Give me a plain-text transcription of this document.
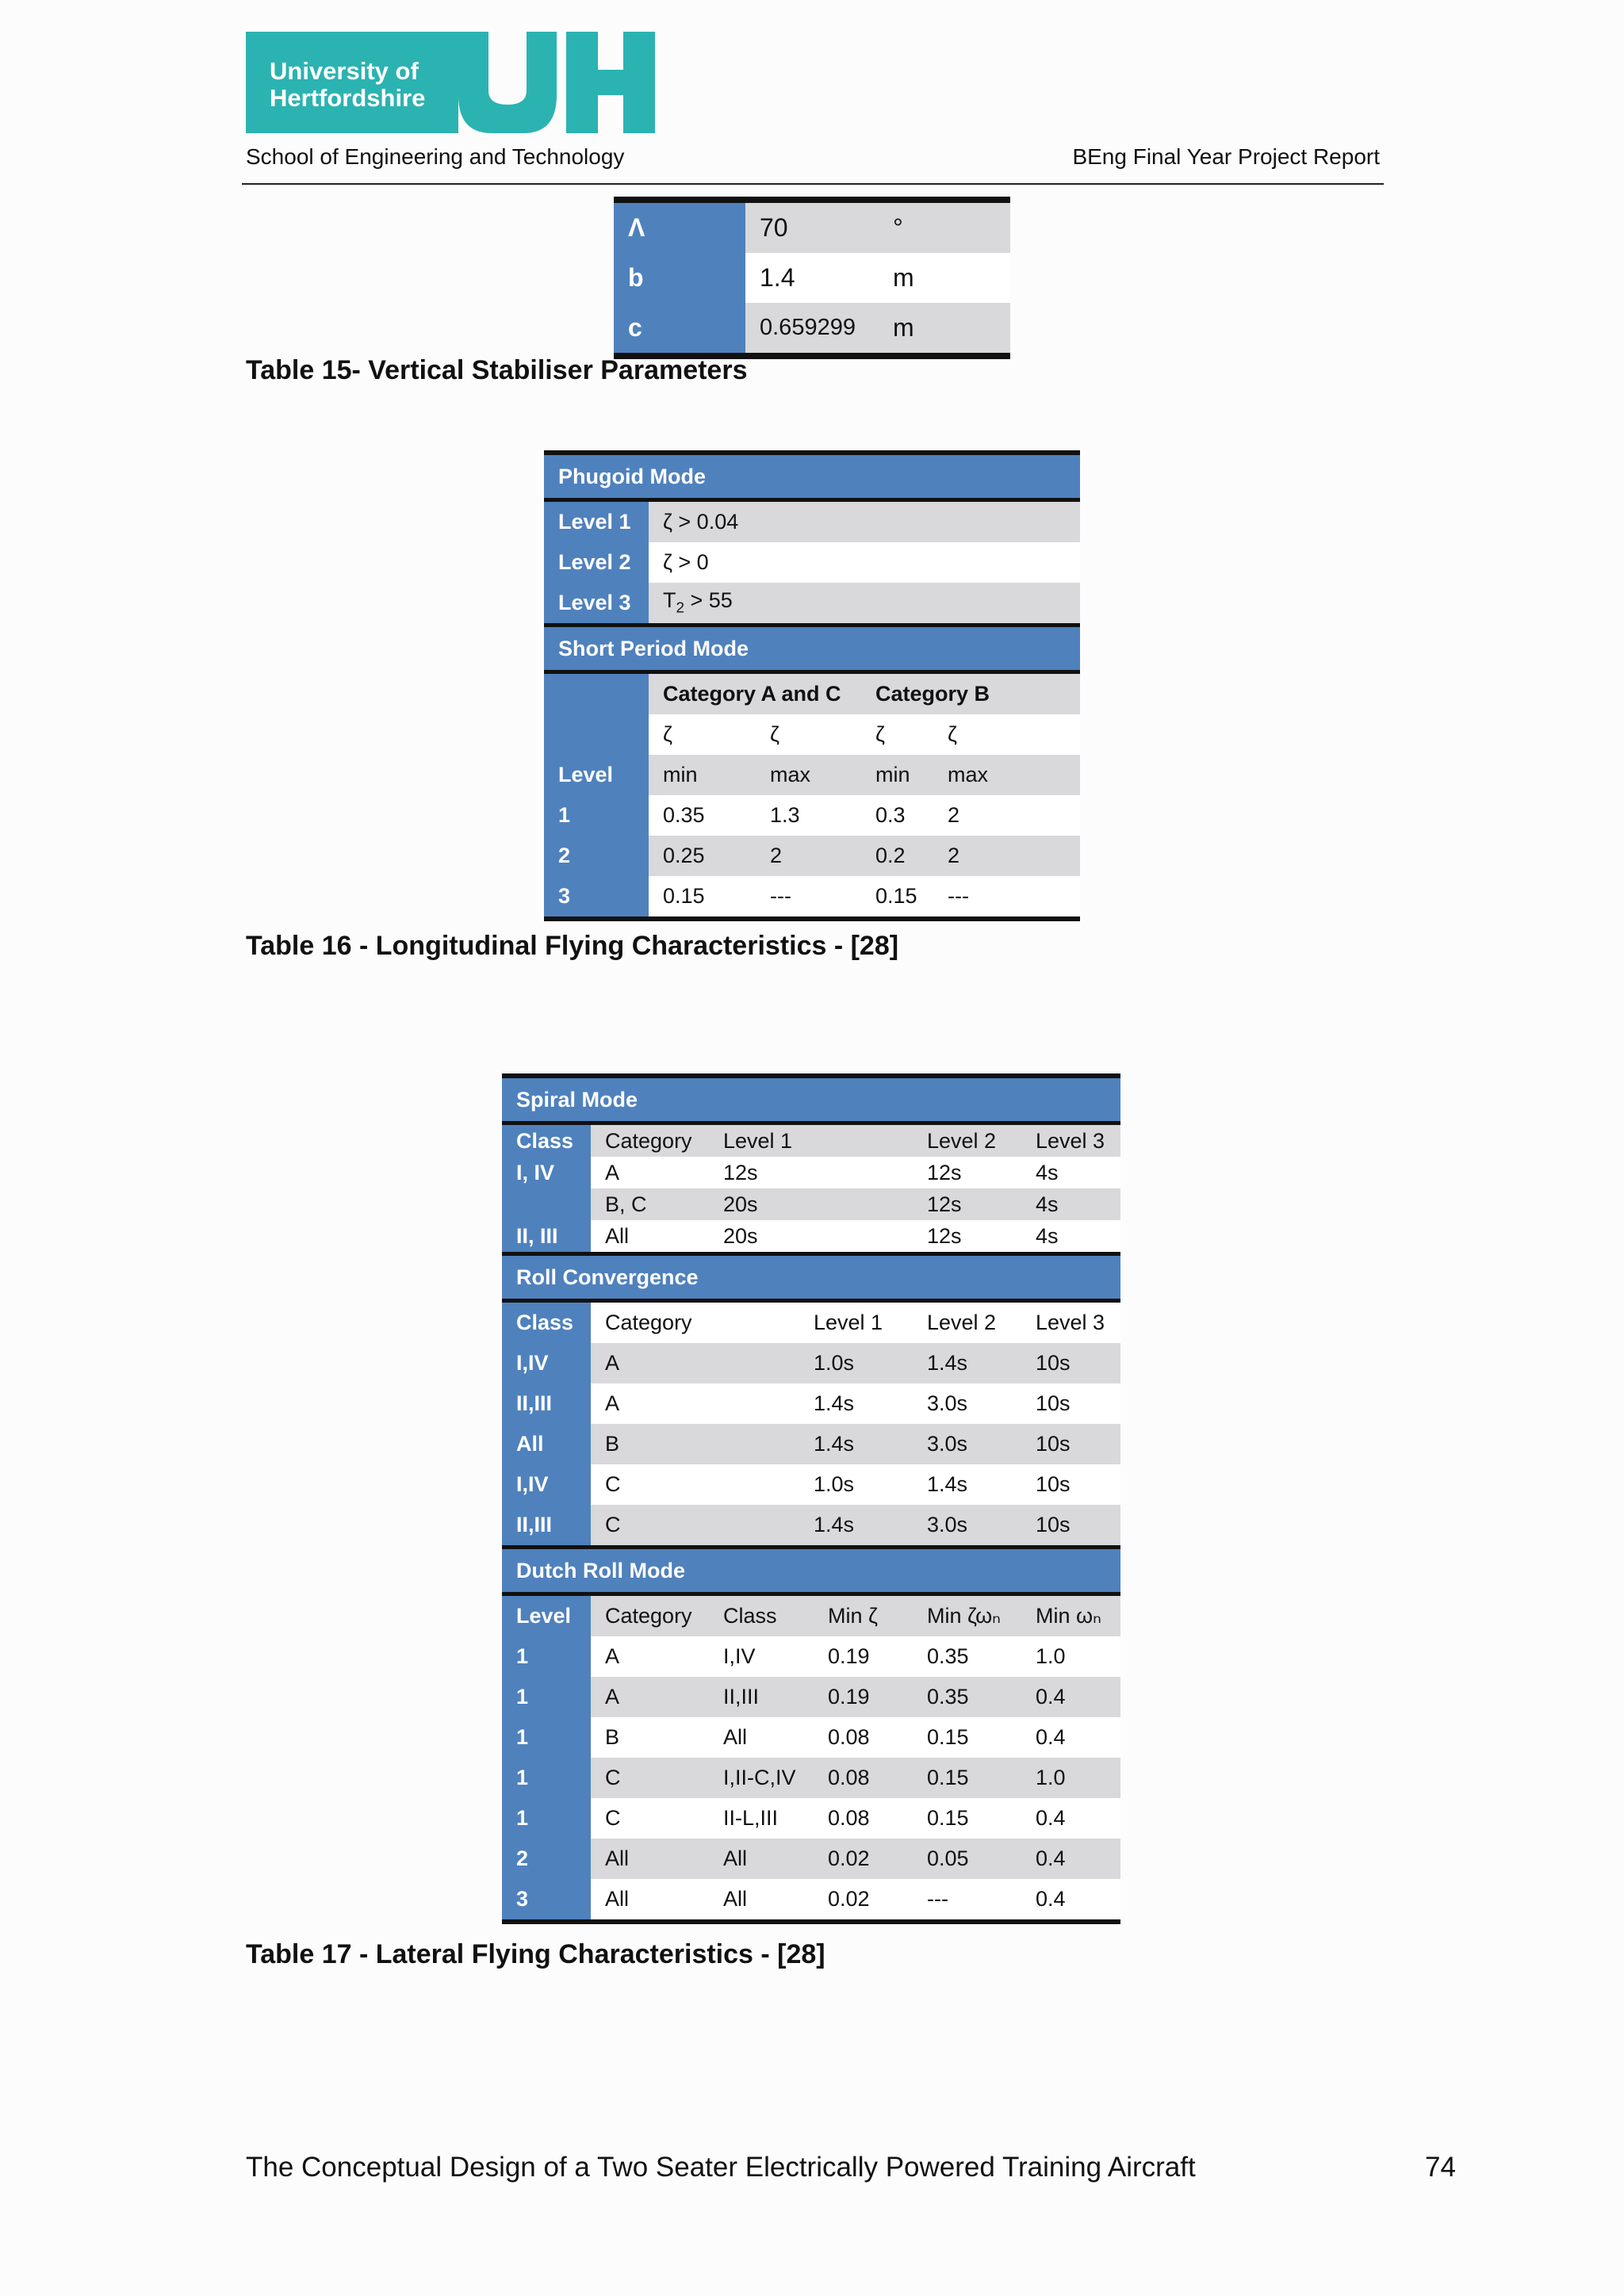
University of
Hertfordshire
School of Engineering and Technology	BEng Final Year Project Report
Λ	70	°
b	1.4	m
c	0.659299	m
Table 15- Vertical Stabiliser Parameters
Phugoid Mode				
Level 1	ζ > 0.04			
Level 2	ζ > 0			
Level 3	$T_2 > 55$			
Short Period Mode				
	Category A and C		Category B	
	ζ	ζ	ζ	ζ
Level	min	max	min	max
1	0.35	1.3	0.3	2
2	0.25	2	0.2	2
3	0.15	---	0.15	---
Table 16 - Longitudinal Flying Characteristics - [28]
Spiral Mode					
Class	Category	Level 1		Level 2	Level 3
I, IV	A	12s		12s	4s
	B, C	20s		12s	4s
II, III	All	20s		12s	4s
Roll Convergence					
Class	Category		Level 1	Level 2	Level 3
I,IV	A		1.0s	1.4s	10s
II,III	A		1.4s	3.0s	10s
All	B		1.4s	3.0s	10s
I,IV	C		1.0s	1.4s	10s
II,III	C		1.4s	3.0s	10s
Dutch Roll Mode					
Level	Category	Class	Min ζ	Min ζωₙ	Min ωₙ
1	A	I,IV	0.19	0.35	1.0
1	A	II,III	0.19	0.35	0.4
1	B	All	0.08	0.15	0.4
1	C	I,II-C,IV	0.08	0.15	1.0
1	C	II-L,III	0.08	0.15	0.4
2	All	All	0.02	0.05	0.4
3	All	All	0.02	---	0.4
Table 17 - Lateral Flying Characteristics - [28]
The Conceptual Design of a Two Seater Electrically Powered Training Aircraft	74
